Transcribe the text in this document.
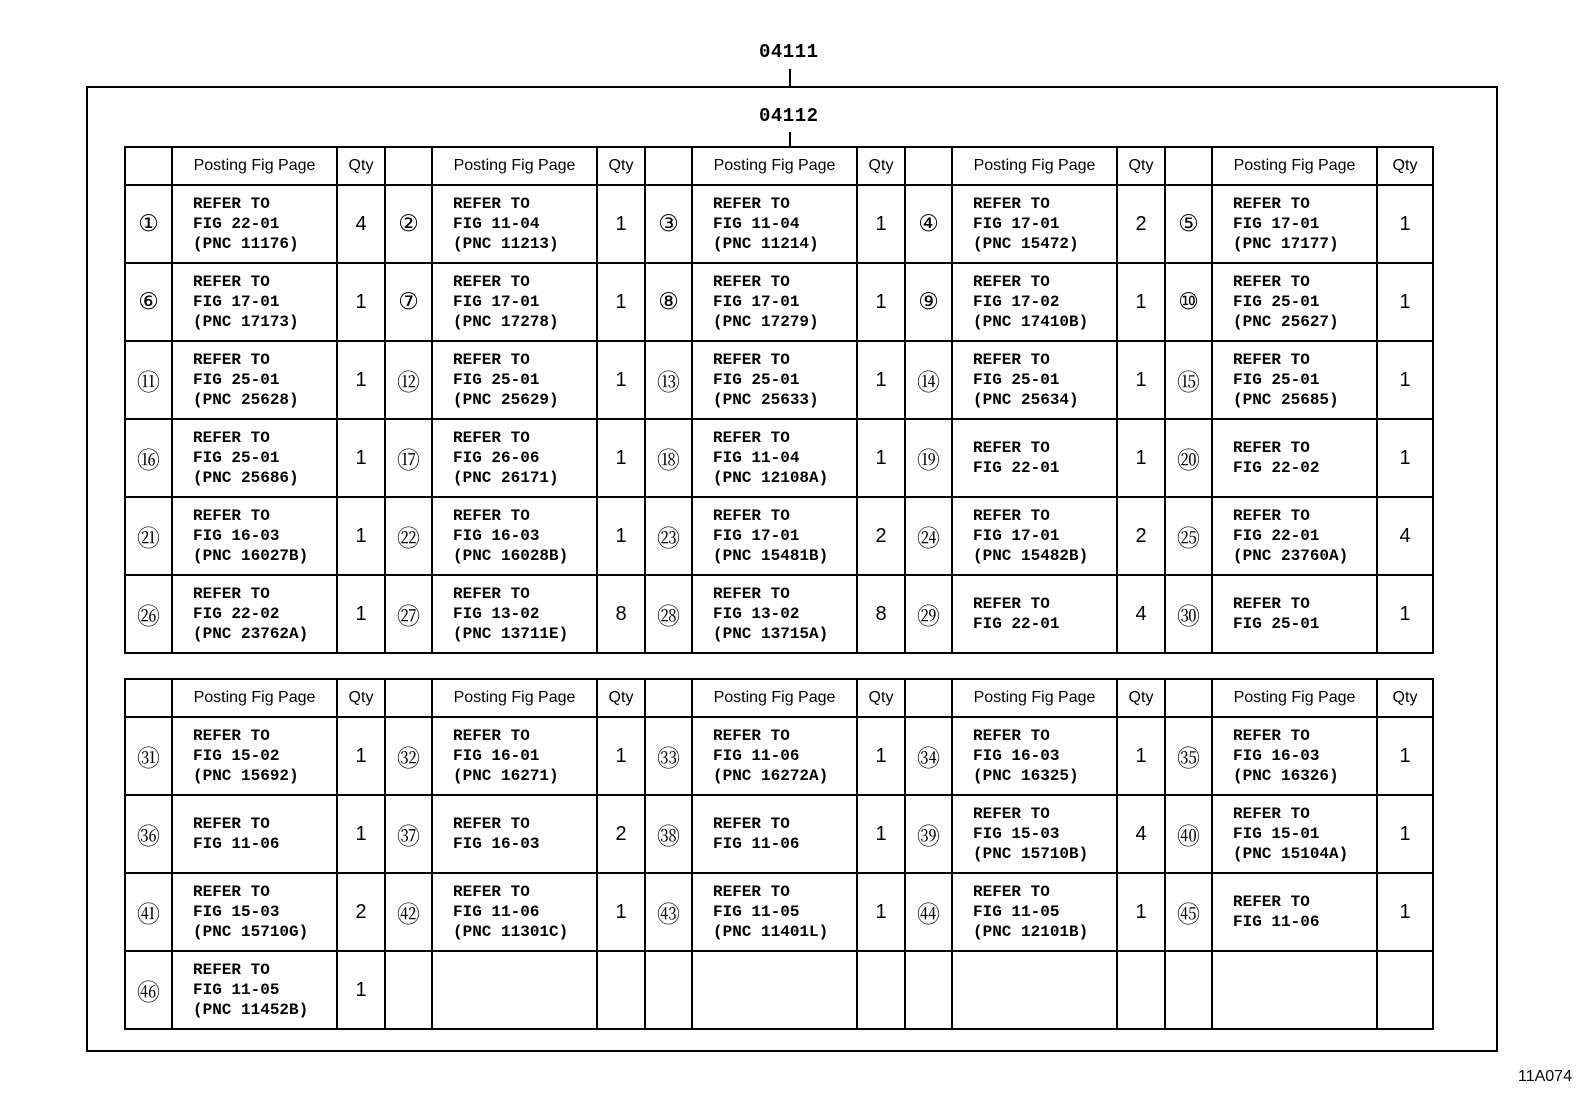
04111
04112
	Posting Fig Page	Qty		Posting Fig Page	Qty		Posting Fig Page	Qty		Posting Fig Page	Qty		Posting Fig Page	Qty
①	REFER TO
FIG 22-01
(PNC 11176)	4	②	REFER TO
FIG 11-04
(PNC 11213)	1	③	REFER TO
FIG 11-04
(PNC 11214)	1	④	REFER TO
FIG 17-01
(PNC 15472)	2	⑤	REFER TO
FIG 17-01
(PNC 17177)	1
⑥	REFER TO
FIG 17-01
(PNC 17173)	1	⑦	REFER TO
FIG 17-01
(PNC 17278)	1	⑧	REFER TO
FIG 17-01
(PNC 17279)	1	⑨	REFER TO
FIG 17-02
(PNC 17410B)	1	⑩	REFER TO
FIG 25-01
(PNC 25627)	1
⑪	REFER TO
FIG 25-01
(PNC 25628)	1	⑫	REFER TO
FIG 25-01
(PNC 25629)	1	⑬	REFER TO
FIG 25-01
(PNC 25633)	1	⑭	REFER TO
FIG 25-01
(PNC 25634)	1	⑮	REFER TO
FIG 25-01
(PNC 25685)	1
⑯	REFER TO
FIG 25-01
(PNC 25686)	1	⑰	REFER TO
FIG 26-06
(PNC 26171)	1	⑱	REFER TO
FIG 11-04
(PNC 12108A)	1	⑲	REFER TO
FIG 22-01	1	⑳	REFER TO
FIG 22-02	1
㉑	REFER TO
FIG 16-03
(PNC 16027B)	1	㉒	REFER TO
FIG 16-03
(PNC 16028B)	1	㉓	REFER TO
FIG 17-01
(PNC 15481B)	2	㉔	REFER TO
FIG 17-01
(PNC 15482B)	2	㉕	REFER TO
FIG 22-01
(PNC 23760A)	4
㉖	REFER TO
FIG 22-02
(PNC 23762A)	1	㉗	REFER TO
FIG 13-02
(PNC 13711E)	8	㉘	REFER TO
FIG 13-02
(PNC 13715A)	8	㉙	REFER TO
FIG 22-01	4	㉚	REFER TO
FIG 25-01	1
	Posting Fig Page	Qty		Posting Fig Page	Qty		Posting Fig Page	Qty		Posting Fig Page	Qty		Posting Fig Page	Qty
㉛	REFER TO
FIG 15-02
(PNC 15692)	1	㉜	REFER TO
FIG 16-01
(PNC 16271)	1	㉝	REFER TO
FIG 11-06
(PNC 16272A)	1	㉞	REFER TO
FIG 16-03
(PNC 16325)	1	㉟	REFER TO
FIG 16-03
(PNC 16326)	1
㊱	REFER TO
FIG 11-06	1	㊲	REFER TO
FIG 16-03	2	㊳	REFER TO
FIG 11-06	1	㊴	REFER TO
FIG 15-03
(PNC 15710B)	4	㊵	REFER TO
FIG 15-01
(PNC 15104A)	1
㊶	REFER TO
FIG 15-03
(PNC 15710G)	2	㊷	REFER TO
FIG 11-06
(PNC 11301C)	1	㊸	REFER TO
FIG 11-05
(PNC 11401L)	1	㊹	REFER TO
FIG 11-05
(PNC 12101B)	1	㊺	REFER TO
FIG 11-06	1
㊻	REFER TO
FIG 11-05
(PNC 11452B)	1												
11A074
